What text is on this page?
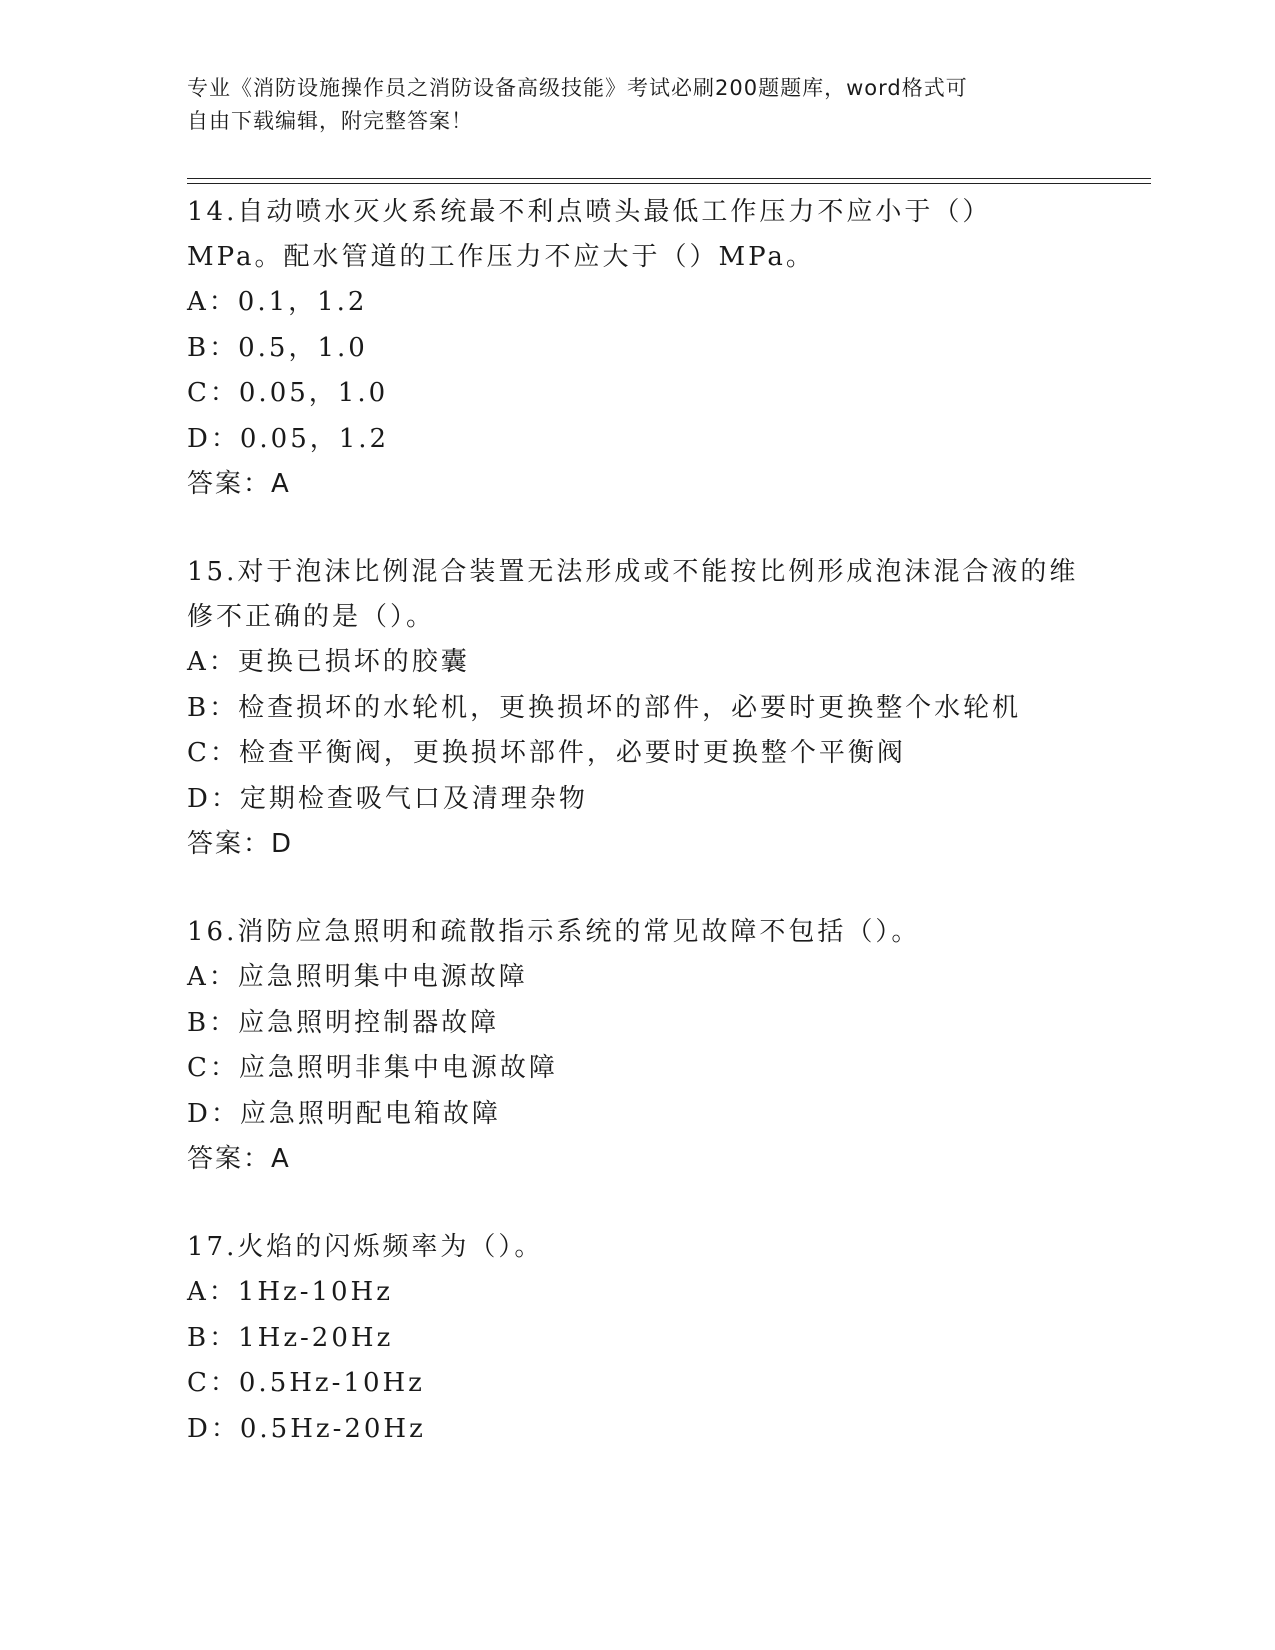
专业《消防设施操作员之消防设备高级技能》考试必刷200题题库，word格式可
自由下载编辑，附完整答案！
14.自动喷水灭火系统最不利点喷头最低工作压力不应小于（）MPa。配水管道的工作压力不应大于（）MPa。
A：0.1，1.2
B：0.5，1.0
C：0.05，1.0
D：0.05，1.2
答案：A
15.对于泡沫比例混合装置无法形成或不能按比例形成泡沫混合液的维修不正确的是（）。
A：更换已损坏的胶囊
B：检查损坏的水轮机，更换损坏的部件，必要时更换整个水轮机
C：检查平衡阀，更换损坏部件，必要时更换整个平衡阀
D：定期检查吸气口及清理杂物
答案：D
16.消防应急照明和疏散指示系统的常见故障不包括（）。
A：应急照明集中电源故障
B：应急照明控制器故障
C：应急照明非集中电源故障
D：应急照明配电箱故障
答案：A
17.火焰的闪烁频率为（）。
A：1Hz-10Hz
B：1Hz-20Hz
C：0.5Hz-10Hz
D：0.5Hz-20Hz
